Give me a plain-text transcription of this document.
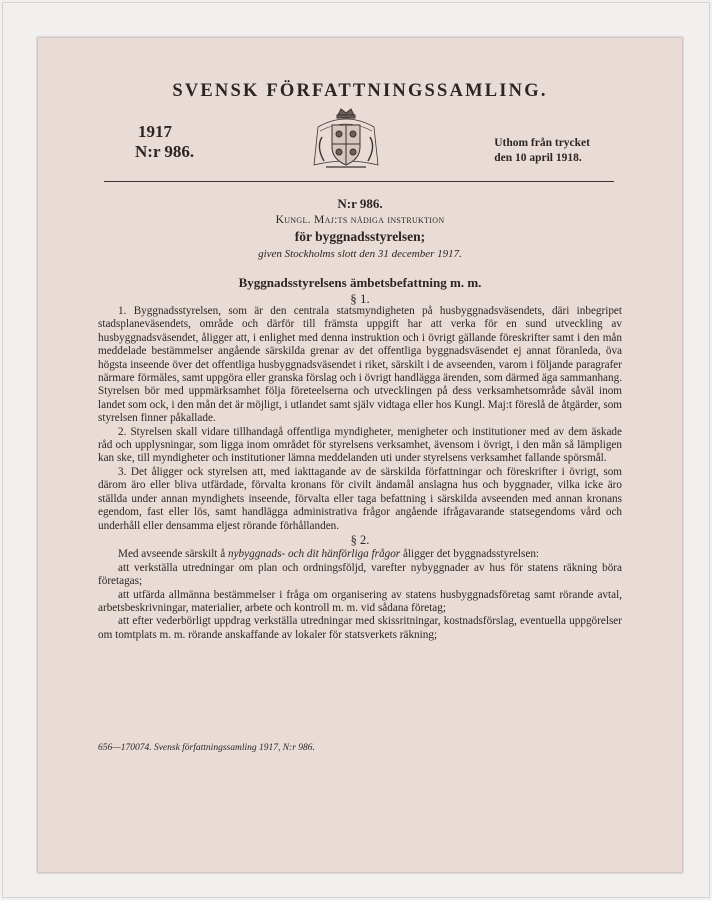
SVENSK FÖRFATTNINGSSAMLING.
1917
N:r 986.	Uthom från trycket
den 10 april 1918.
N:r 986.
Kungl. Maj:ts nådiga instruktion
för byggnadsstyrelsen;
given Stockholms slott den 31 december 1917.
Byggnadsstyrelsens ämbetsbefattning m. m.
§ 1.

1. Byggnadsstyrelsen, som är den centrala statsmyndigheten på husbyggnadsväsendets, däri inbegripet stadsplaneväsendets, område och därför till främsta uppgift har att verka för en sund utveckling av husbyggnadsväsendet, åligger att, i enlighet med denna instruktion och i övrigt gällande föreskrifter samt i den mån meddelade bestämmelser angående särskilda grenar av det offentliga byggnadsväsendet ej annat föranleda, öva högsta inseende över det offentliga husbyggnadsväsendet i riket, särskilt i de avseenden, varom i följande paragrafer närmare förmäles, samt uppgöra eller granska förslag och i övrigt handlägga ärenden, som därmed äga sammanhang. Styrelsen bör med uppmärksamhet följa företeelserna och utvecklingen på dess verksamhetsområde såväl inom landet som ock, i den mån det är möjligt, i utlandet samt själv vidtaga eller hos Kungl. Maj:t föreslå de åtgärder, som styrelsen finner påkallade.

2. Styrelsen skall vidare tillhandagå offentliga myndigheter, menigheter och institutioner med av dem äskade råd och upplysningar, som ligga inom området för styrelsens verksamhet, ävensom i övrigt, i den mån så lämpligen kan ske, till myndigheter och institutioner lämna meddelanden uti under styrelsens verksamhet fallande spörsmål.

3. Det åligger ock styrelsen att, med iakttagande av de särskilda författningar och föreskrifter i övrigt, som därom äro eller bliva utfärdade, förvalta kronans för civilt ändamål anslagna hus och byggnader, vilka icke äro ställda under annan myndighets inseende, förvalta eller taga befattning i särskilda avseenden med annan kronans egendom, fast eller lös, samt handlägga administrativa frågor angående ifrågavarande statsegendoms vård och underhåll eller densamma eljest rörande förhållanden.

§ 2.

Med avseende särskilt å nybyggnads- och dit hänförliga frågor åligger det byggnadsstyrelsen:

att verkställa utredningar om plan och ordningsföljd, varefter nybyggnader av hus för statens räkning böra företagas;

att utfärda allmänna bestämmelser i fråga om organisering av statens husbyggnadsföretag samt rörande avtal, arbetsbeskrivningar, materialier, arbete och kontroll m. m. vid sådana företag;

att efter vederbörligt uppdrag verkställa utredningar med skissritningar, kostnadsförslag, eventuella uppgörelser om tomtplats m. m. rörande anskaffande av lokaler för statsverkets räkning;

656—170074. Svensk författningssamling 1917, N:r 986.
